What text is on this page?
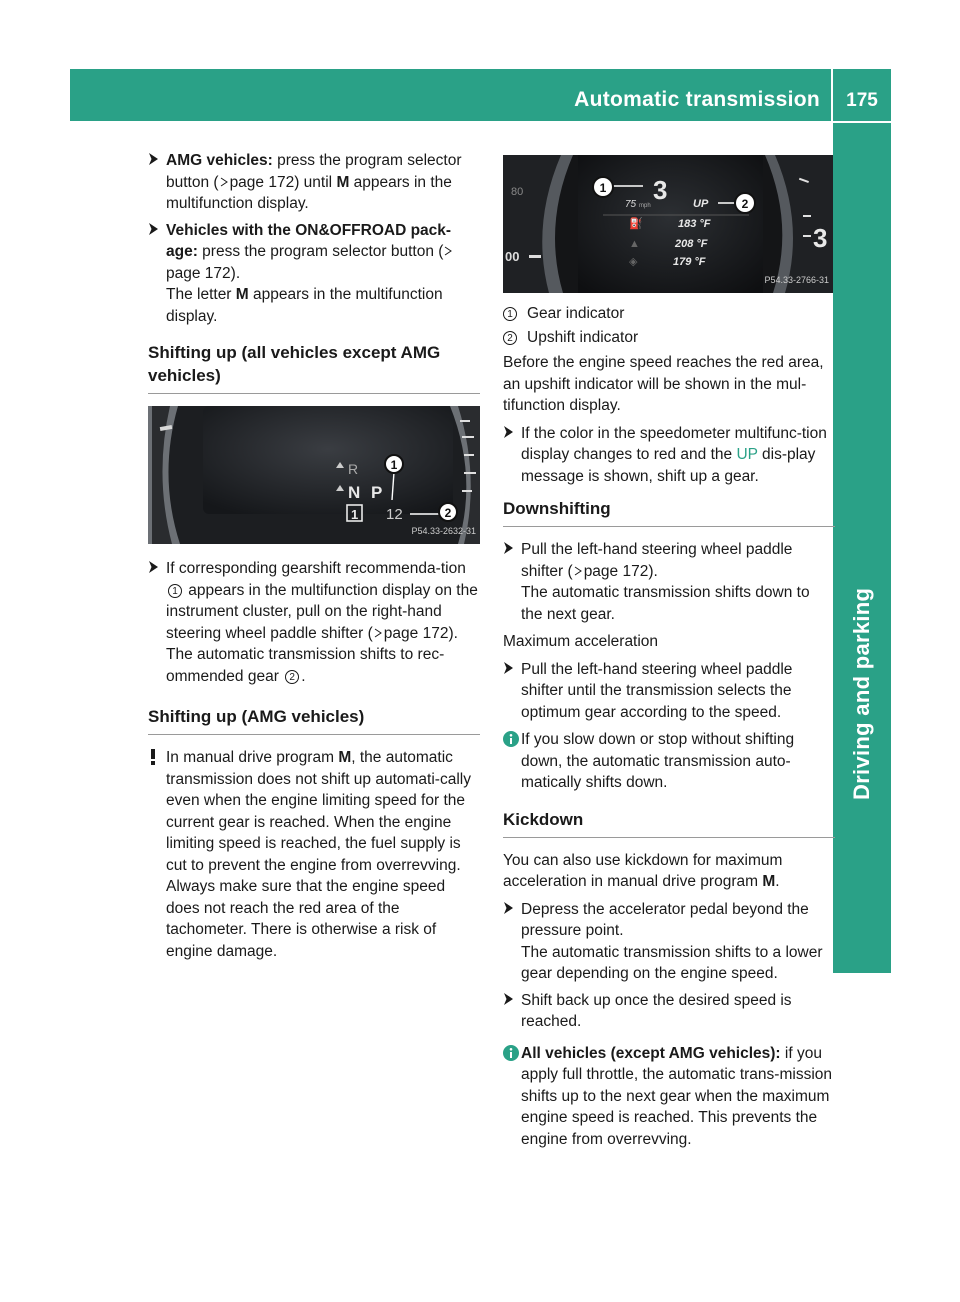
Automatic transmission	175
Driving and parking
AMG vehicles: press the program selector button ( page 172) until M appears in the multifunction display.
Vehicles with the ON&OFFROAD pack-age: press the program selector button (page 172).
The letter M appears in the multifunction display.
Shifting up (all vehicles except AMG vehicles)
R
N P
1 12
1
2
P54.33-2632-31
If corresponding gearshift recommenda-tion 1 appears in the multifunction display on the instrument cluster, pull on the right-hand steering wheel paddle shifter ( page 172).
The automatic transmission shifts to rec-ommended gear 2 .
Shifting up (AMG vehicles)
In manual drive program M, the automatic transmission does not shift up automati-cally even when the engine limiting speed for the current gear is reached. When the engine limiting speed is reached, the fuel supply is cut to prevent the engine from overrevving. Always make sure that the engine speed does not reach the red area of the tachometer. There is otherwise a risk of engine damage.
00
80
3
3
75 mph	UP
⛽	183 °F
▲	208 °F
◈	179 °F
1
2
P54.33-2766-31
1 Gear indicator
2 Upshift indicator
Before the engine speed reaches the red area, an upshift indicator will be shown in the mul-tifunction display.
If the color in the speedometer multifunc-tion display changes to red and the UP dis-play message is shown, shift up a gear.
Downshifting
Pull the left-hand steering wheel paddle shifter ( page 172).
The automatic transmission shifts down to the next gear.
Maximum acceleration
Pull the left-hand steering wheel paddle shifter until the transmission selects the optimum gear according to the speed.
If you slow down or stop without shifting down, the automatic transmission auto-matically shifts down.
Kickdown
You can also use kickdown for maximum acceleration in manual drive program M.
Depress the accelerator pedal beyond the pressure point.
The automatic transmission shifts to a lower gear depending on the engine speed.
Shift back up once the desired speed is reached.
All vehicles (except AMG vehicles): if you apply full throttle, the automatic trans-mission shifts up to the next gear when the maximum engine speed is reached. This prevents the engine from overrevving.
